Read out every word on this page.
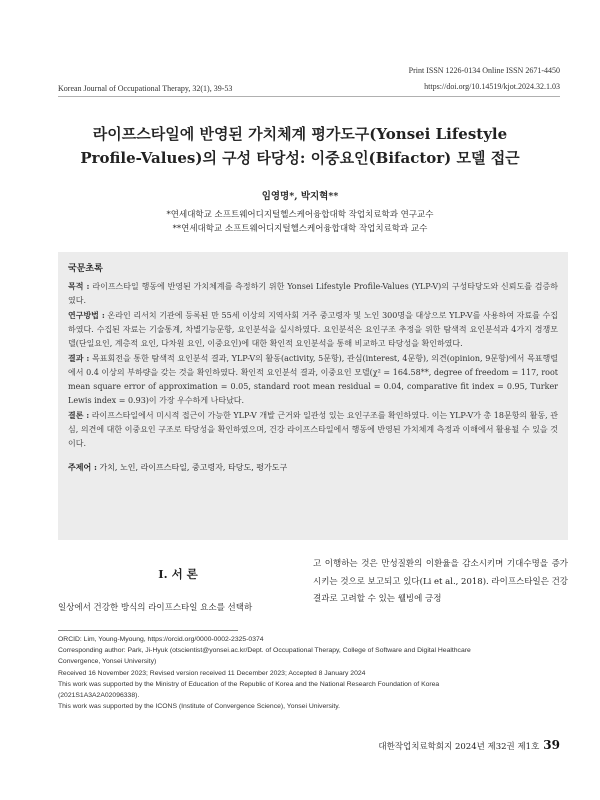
Print ISSN 1226-0134 Online ISSN 2671-4450
https://doi.org/10.14519/kjot.2024.32.1.03
Korean Journal of Occupational Therapy, 32(1), 39-53
라이프스타일에 반영된 가치체계 평가도구(Yonsei Lifestyle
Profile-Values)의 구성 타당성: 이중요인(Bifactor) 모델 접근
임영명*, 박지혁**
*연세대학교 소프트웨어디지털헬스케어융합대학 작업치료학과 연구교수
**연세대학교 소프트웨어디지털헬스케어융합대학 작업치료학과 교수
국문초록

목적 : 라이프스타일 행동에 반영된 가치체계를 측정하기 위한 Yonsei Lifestyle Profile-Values (YLP-V)의 구성타당도와 신뢰도를 검증하였다.

연구방법 : 온라인 리서치 기관에 등록된 만 55세 이상의 지역사회 거주 중고령자 및 노인 300명을 대상으로 YLP-V를 사용하여 자료를 수집하였다. 수집된 자료는 기술통계, 차별기능문항, 요인분석을 실시하였다. 요인분석은 요인구조 추정을 위한 탐색적 요인분석과 4가지 경쟁모델(단일요인, 계층적 요인, 다차원 요인, 이중요인)에 대한 확인적 요인분석을 통해 비교하고 타당성을 확인하였다.

결과 : 목표회전을 통한 탐색적 요인분석 결과, YLP-V의 활동(activity, 5문항), 관심(interest, 4문항), 의견(opinion, 9문항)에서 목표행렬에서 0.4 이상의 부하량을 갖는 것을 확인하였다. 확인적 요인분석 결과, 이중요인 모델(χ² = 164.58**, degree of freedom = 117, root mean square error of approximation = 0.05, standard root mean residual = 0.04, comparative fit index = 0.95, Turker Lewis index = 0.93)이 가장 우수하게 나타났다.

결론 : 라이프스타일에서 미시적 접근이 가능한 YLP-V 개발 근거와 일관성 있는 요인구조를 확인하였다. 이는 YLP-V가 총 18문항의 활동, 관심, 의견에 대한 이중요인 구조로 타당성을 확인하였으며, 건강 라이프스타일에서 행동에 반영된 가치체계 측정과 이해에서 활용될 수 있을 것이다.

주제어 : 가치, 노인, 라이프스타일, 중고령자, 타당도, 평가도구

Ⅰ. 서 론
일상에서 건강한 방식의 라이프스타일 요소를 선택하
고 이행하는 것은 만성질환의 이환율을 감소시키며 기대수명을 증가시키는 것으로 보고되고 있다(Li et al., 2018). 라이프스타일은 건강 결과로 고려할 수 있는 웰빙에 긍정
ORCID: Lim, Young-Myoung, https://orcid.org/0000-0002-2325-0374
Corresponding author: Park, Ji-Hyuk (otscientist@yonsei.ac.kr/Dept. of Occupational Therapy, College of Software and Digital Healthcare
Convergence, Yonsei University)
Received 16 November 2023; Revised version received 11 December 2023; Accepted 8 January 2024
This work was supported by the Ministry of Education of the Republic of Korea and the National Research Foundation of Korea
(2021S1A3A2A02096338).
This work was supported by the ICONS (Institute of Convergence Science), Yonsei University.
대한작업치료학회지 2024년 제32권 제1호 39
